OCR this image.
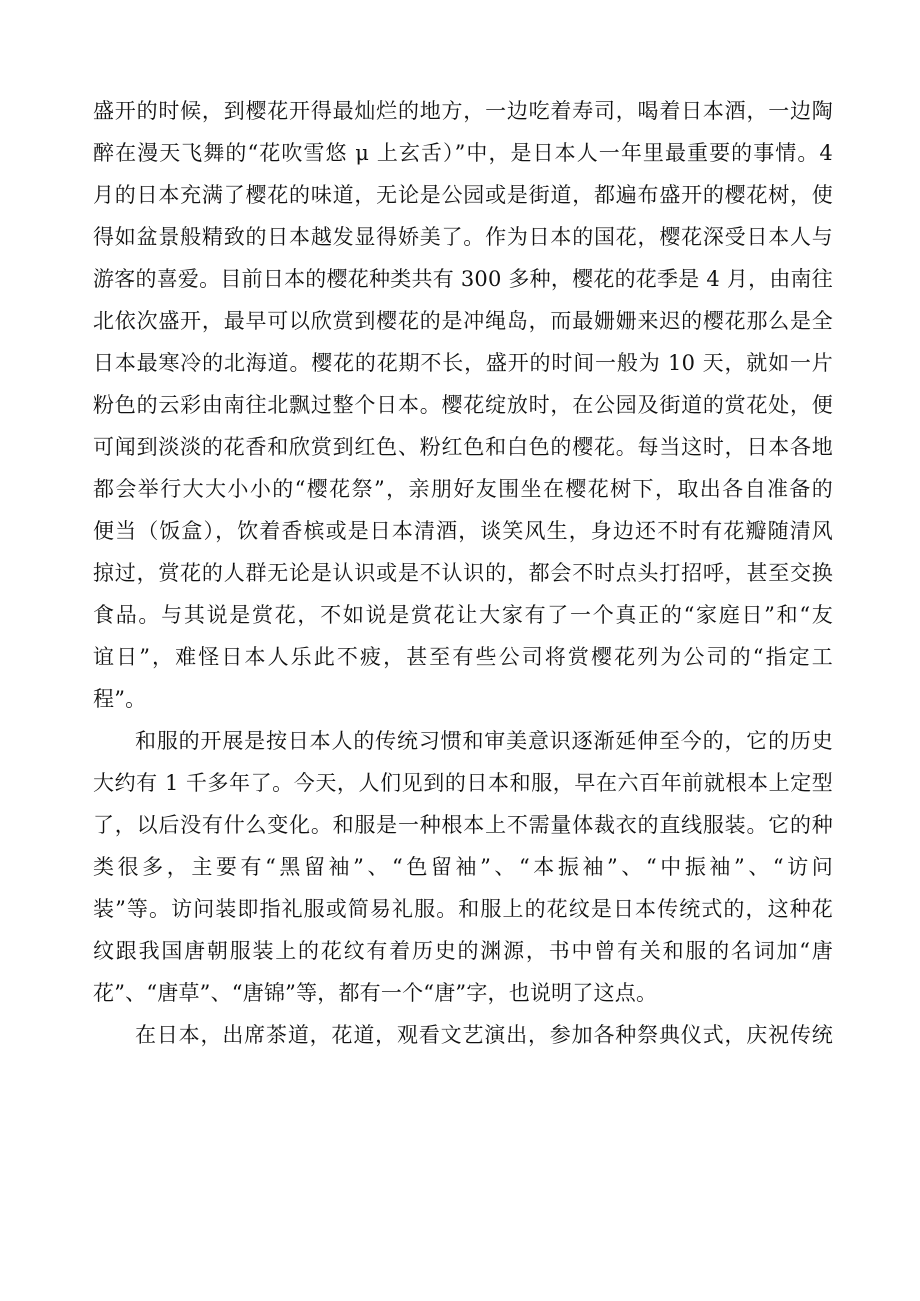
盛开的时候，到樱花开得最灿烂的地方，一边吃着寿司，喝着日本酒，一边陶
醉在漫天飞舞的“花吹雪悠 μ 上玄舌）”中，是日本人一年里最重要的事情。4
月的日本充满了樱花的味道，无论是公园或是街道，都遍布盛开的樱花树，使
得如盆景般精致的日本越发显得娇美了。作为日本的国花，樱花深受日本人与
游客的喜爱。目前日本的樱花种类共有 300 多种，樱花的花季是 4 月，由南往
北依次盛开，最早可以欣赏到樱花的是冲绳岛，而最姗姗来迟的樱花那么是全
日本最寒冷的北海道。樱花的花期不长，盛开的时间一般为 10 天，就如一片
粉色的云彩由南往北飘过整个日本。樱花绽放时，在公园及街道的赏花处，便
可闻到淡淡的花香和欣赏到红色、粉红色和白色的樱花。每当这时，日本各地
都会举行大大小小的“樱花祭”，亲朋好友围坐在樱花树下，取出各自准备的
便当（饭盒），饮着香槟或是日本清酒，谈笑风生，身边还不时有花瓣随清风
掠过，赏花的人群无论是认识或是不认识的，都会不时点头打招呼，甚至交换
食品。与其说是赏花，不如说是赏花让大家有了一个真正的“家庭日”和“友
谊日”，难怪日本人乐此不疲，甚至有些公司将赏樱花列为公司的“指定工
程”。
和服的开展是按日本人的传统习惯和审美意识逐渐延伸至今的，它的历史
大约有 1 千多年了。今天，人们见到的日本和服，早在六百年前就根本上定型
了，以后没有什么变化。和服是一种根本上不需量体裁衣的直线服装。它的种
类很多，主要有“黑留袖”、“色留袖”、“本振袖”、“中振袖”、“访问
装”等。访问装即指礼服或简易礼服。和服上的花纹是日本传统式的，这种花
纹跟我国唐朝服装上的花纹有着历史的渊源，书中曾有关和服的名词加“唐
花”、“唐草”、“唐锦”等，都有一个“唐”字，也说明了这点。
在日本，出席茶道，花道，观看文艺演出，参加各种祭典仪式，庆祝传统
